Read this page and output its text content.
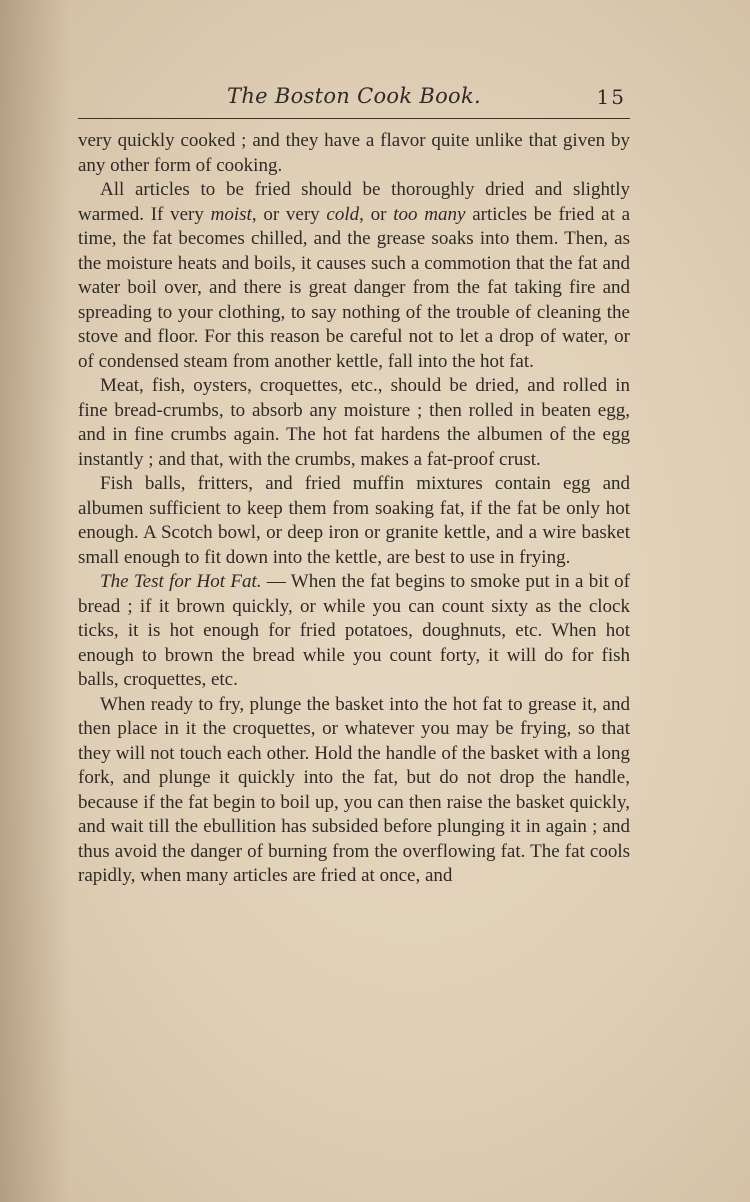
The Boston Cook Book.	15

very quickly cooked ; and they have a flavor quite unlike that given by any other form of cooking.

All articles to be fried should be thoroughly dried and slightly warmed. If very moist, or very cold, or too many articles be fried at a time, the fat becomes chilled, and the grease soaks into them. Then, as the moisture heats and boils, it causes such a commotion that the fat and water boil over, and there is great danger from the fat taking fire and spreading to your clothing, to say nothing of the trouble of cleaning the stove and floor. For this reason be careful not to let a drop of water, or of condensed steam from another kettle, fall into the hot fat.

Meat, fish, oysters, croquettes, etc., should be dried, and rolled in fine bread-crumbs, to absorb any moisture ; then rolled in beaten egg, and in fine crumbs again. The hot fat hardens the albumen of the egg instantly ; and that, with the crumbs, makes a fat-proof crust.

Fish balls, fritters, and fried muffin mixtures contain egg and albumen sufficient to keep them from soaking fat, if the fat be only hot enough. A Scotch bowl, or deep iron or granite kettle, and a wire basket small enough to fit down into the kettle, are best to use in frying.

The Test for Hot Fat. — When the fat begins to smoke put in a bit of bread ; if it brown quickly, or while you can count sixty as the clock ticks, it is hot enough for fried potatoes, doughnuts, etc. When hot enough to brown the bread while you count forty, it will do for fish balls, croquettes, etc.

When ready to fry, plunge the basket into the hot fat to grease it, and then place in it the croquettes, or whatever you may be frying, so that they will not touch each other. Hold the handle of the basket with a long fork, and plunge it quickly into the fat, but do not drop the handle, because if the fat begin to boil up, you can then raise the basket quickly, and wait till the ebullition has subsided before plunging it in again ; and thus avoid the danger of burning from the overflowing fat. The fat cools rapidly, when many articles are fried at once, and
